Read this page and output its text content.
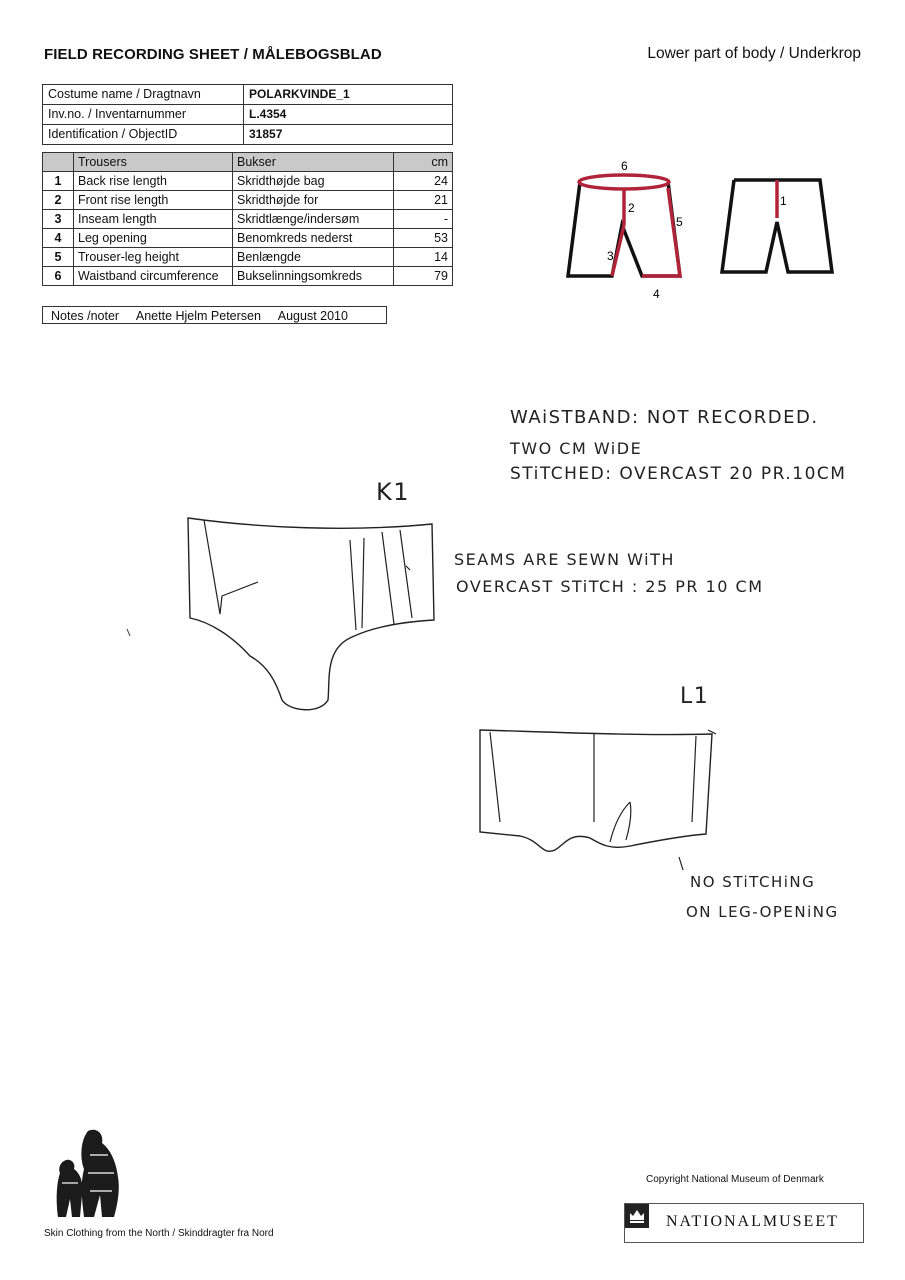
FIELD RECORDING SHEET / MÅLEBOGSBLAD	Lower part of body / Underkrop
Costume name / Dragtnavn	POLARKVINDE_1
Inv.no. / Inventarnummer	L.4354
Identification / ObjectID	31857
	Trousers	Bukser	cm
1	Back rise length	Skridthøjde bag	24
2	Front rise length	Skridthøjde for	21
3	Inseam length	Skridtlænge/indersøm	-
4	Leg opening	Benomkreds nederst	53
5	Trouser-leg height	Benlængde	14
6	Waistband circumference	Bukselinningsomkreds	79
Notes /noter Anette Hjelm Petersen August 2010
6
2
3
4
5
1
WAiSTBAND: NOT RECORDED.
TWO CM WiDE
STiTCHED: OVERCAST 20 PR.10CM
K1
SEAMS ARE SEWN WiTH
OVERCAST STiTCH : 25 PR 10 CM
L1
NO STiTCHiNG
ON LEG-OPENiNG
Skin Clothing from the North / Skinddragter fra Nord
Copyright National Museum of Denmark
NATIONALMUSEET
